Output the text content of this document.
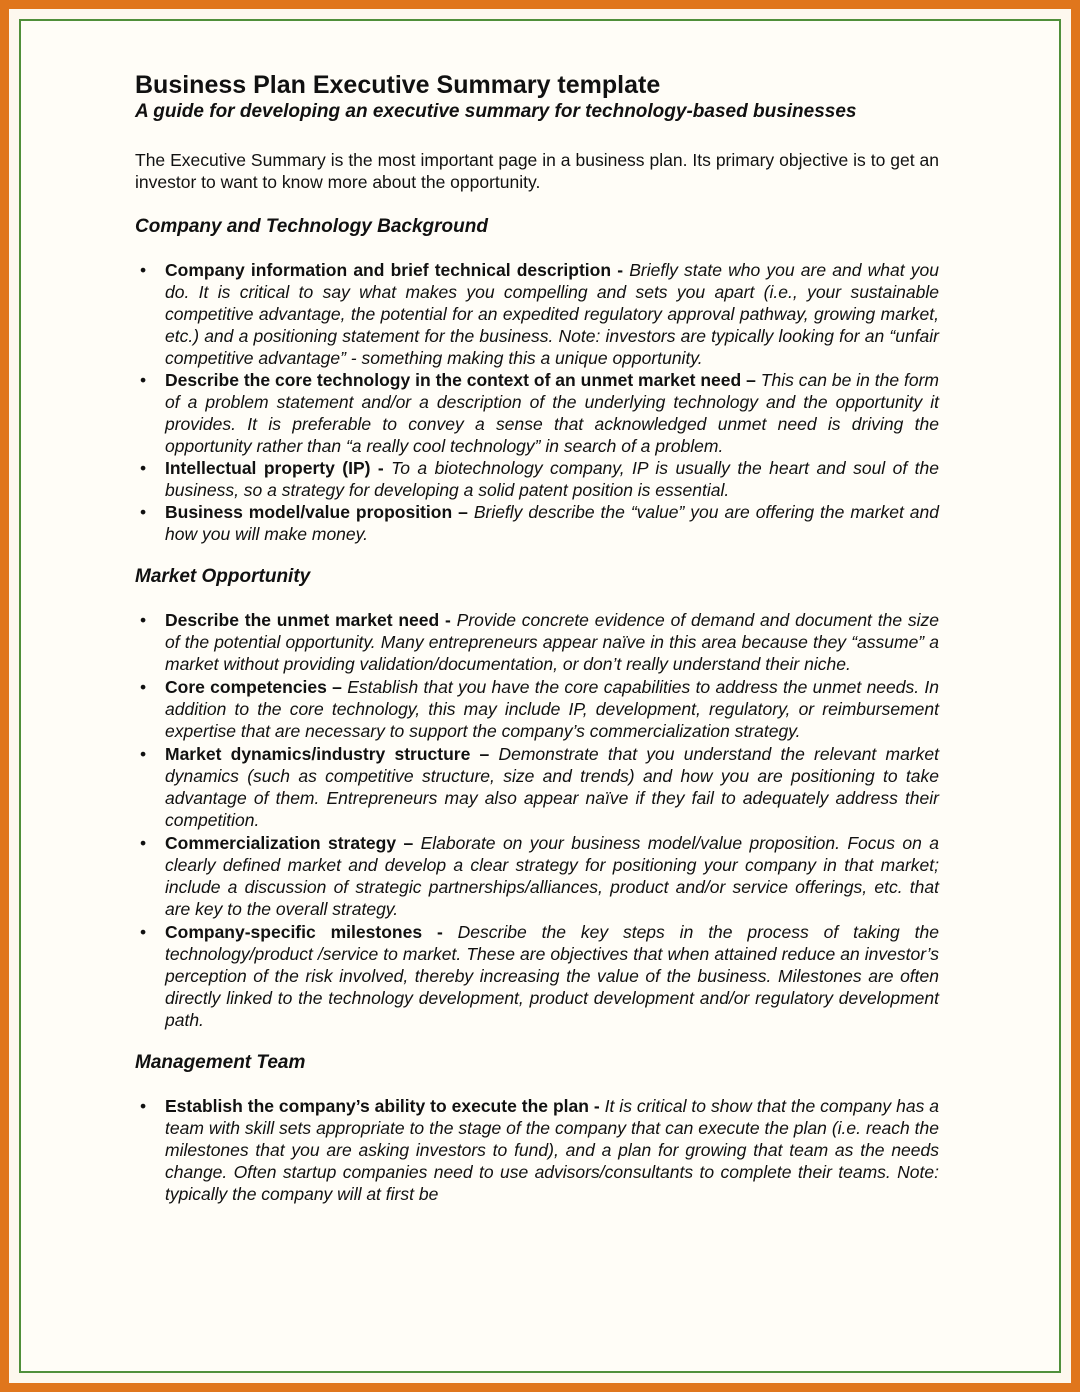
Business Plan Executive Summary template

A guide for developing an executive summary for technology-based businesses

The Executive Summary is the most important page in a business plan. Its primary objective is to get an investor to want to know more about the opportunity.

Company and Technology Background
• Company information and brief technical description - Briefly state who you are and what you do. It is critical to say what makes you compelling and sets you apart (i.e., your sustainable competitive advantage, the potential for an expedited regulatory approval pathway, growing market, etc.) and a positioning statement for the business. Note: investors are typically looking for an “unfair competitive advantage” - something making this a unique opportunity.
• Describe the core technology in the context of an unmet market need – This can be in the form of a problem statement and/or a description of the underlying technology and the opportunity it provides. It is preferable to convey a sense that acknowledged unmet need is driving the opportunity rather than “a really cool technology” in search of a problem.
• Intellectual property (IP) - To a biotechnology company, IP is usually the heart and soul of the business, so a strategy for developing a solid patent position is essential.
• Business model/value proposition – Briefly describe the “value” you are offering the market and how you will make money.
Market Opportunity
• Describe the unmet market need - Provide concrete evidence of demand and document the size of the potential opportunity. Many entrepreneurs appear naïve in this area because they “assume” a market without providing validation/documentation, or don’t really understand their niche.
• Core competencies – Establish that you have the core capabilities to address the unmet needs. In addition to the core technology, this may include IP, development, regulatory, or reimbursement expertise that are necessary to support the company’s commercialization strategy.
• Market dynamics/industry structure – Demonstrate that you understand the relevant market dynamics (such as competitive structure, size and trends) and how you are positioning to take advantage of them. Entrepreneurs may also appear naïve if they fail to adequately address their competition.
• Commercialization strategy – Elaborate on your business model/value proposition. Focus on a clearly defined market and develop a clear strategy for positioning your company in that market; include a discussion of strategic partnerships/alliances, product and/or service offerings, etc. that are key to the overall strategy.
• Company-specific milestones - Describe the key steps in the process of taking the technology/product /service to market. These are objectives that when attained reduce an investor’s perception of the risk involved, thereby increasing the value of the business. Milestones are often directly linked to the technology development, product development and/or regulatory development path.
Management Team
• Establish the company’s ability to execute the plan - It is critical to show that the company has a team with skill sets appropriate to the stage of the company that can execute the plan (i.e. reach the milestones that you are asking investors to fund), and a plan for growing that team as the needs change. Often startup companies need to use advisors/consultants to complete their teams. Note: typically the company will at first be
